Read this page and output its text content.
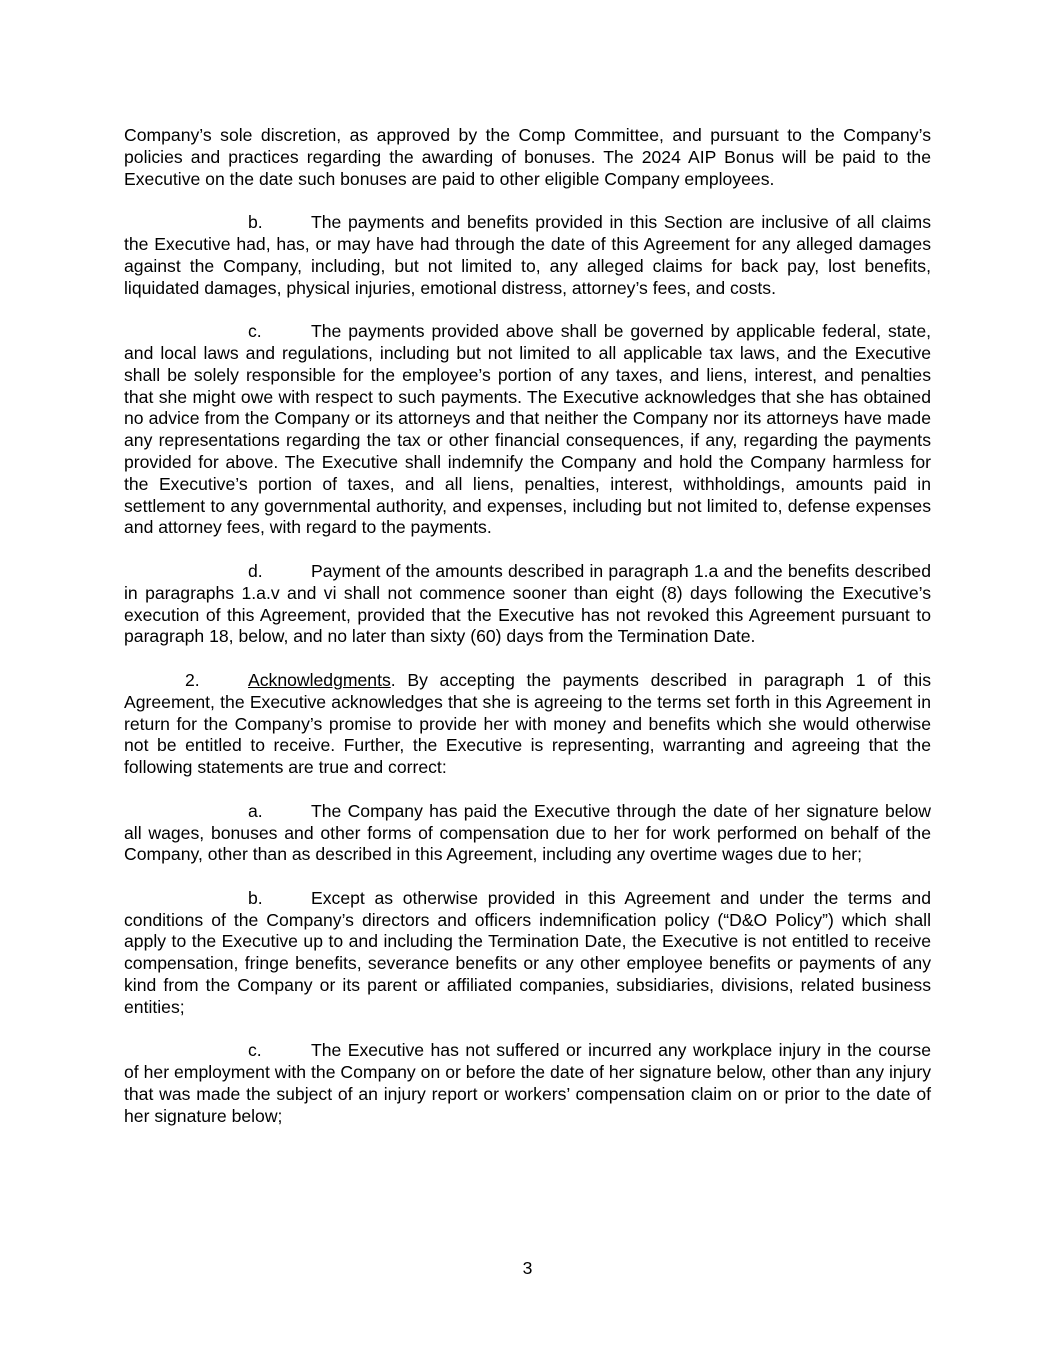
Company’s sole discretion, as approved by the Comp Committee, and pursuant to the Company’s policies and practices regarding the awarding of bonuses. The 2024 AIP Bonus will be paid to the Executive on the date such bonuses are paid to other eligible Company employees.

b.	The payments and benefits provided in this Section are inclusive of all claims the Executive had, has, or may have had through the date of this Agreement for any alleged damages against the Company, including, but not limited to, any alleged claims for back pay, lost benefits, liquidated damages, physical injuries, emotional distress, attorney’s fees, and costs.

c.	The payments provided above shall be governed by applicable federal, state, and local laws and regulations, including but not limited to all applicable tax laws, and the Executive shall be solely responsible for the employee’s portion of any taxes, and liens, interest, and penalties that she might owe with respect to such payments. The Executive acknowledges that she has obtained no advice from the Company or its attorneys and that neither the Company nor its attorneys have made any representations regarding the tax or other financial consequences, if any, regarding the payments provided for above. The Executive shall indemnify the Company and hold the Company harmless for the Executive’s portion of taxes, and all liens, penalties, interest, withholdings, amounts paid in settlement to any governmental authority, and expenses, including but not limited to, defense expenses and attorney fees, with regard to the payments.

d.	Payment of the amounts described in paragraph 1.a and the benefits described in paragraphs 1.a.v and vi shall not commence sooner than eight (8) days following the Executive’s execution of this Agreement, provided that the Executive has not revoked this Agreement pursuant to paragraph 18, below, and no later than sixty (60) days from the Termination Date.

2.	Acknowledgments. By accepting the payments described in paragraph 1 of this Agreement, the Executive acknowledges that she is agreeing to the terms set forth in this Agreement in return for the Company’s promise to provide her with money and benefits which she would otherwise not be entitled to receive. Further, the Executive is representing, warranting and agreeing that the following statements are true and correct:

a.	The Company has paid the Executive through the date of her signature below all wages, bonuses and other forms of compensation due to her for work performed on behalf of the Company, other than as described in this Agreement, including any overtime wages due to her;

b.	Except as otherwise provided in this Agreement and under the terms and conditions of the Company’s directors and officers indemnification policy (“D&O Policy”) which shall apply to the Executive up to and including the Termination Date, the Executive is not entitled to receive compensation, fringe benefits, severance benefits or any other employee benefits or payments of any kind from the Company or its parent or affiliated companies, subsidiaries, divisions, related business entities;

c.	The Executive has not suffered or incurred any workplace injury in the course of her employment with the Company on or before the date of her signature below, other than any injury that was made the subject of an injury report or workers’ compensation claim on or prior to the date of her signature below;

3
